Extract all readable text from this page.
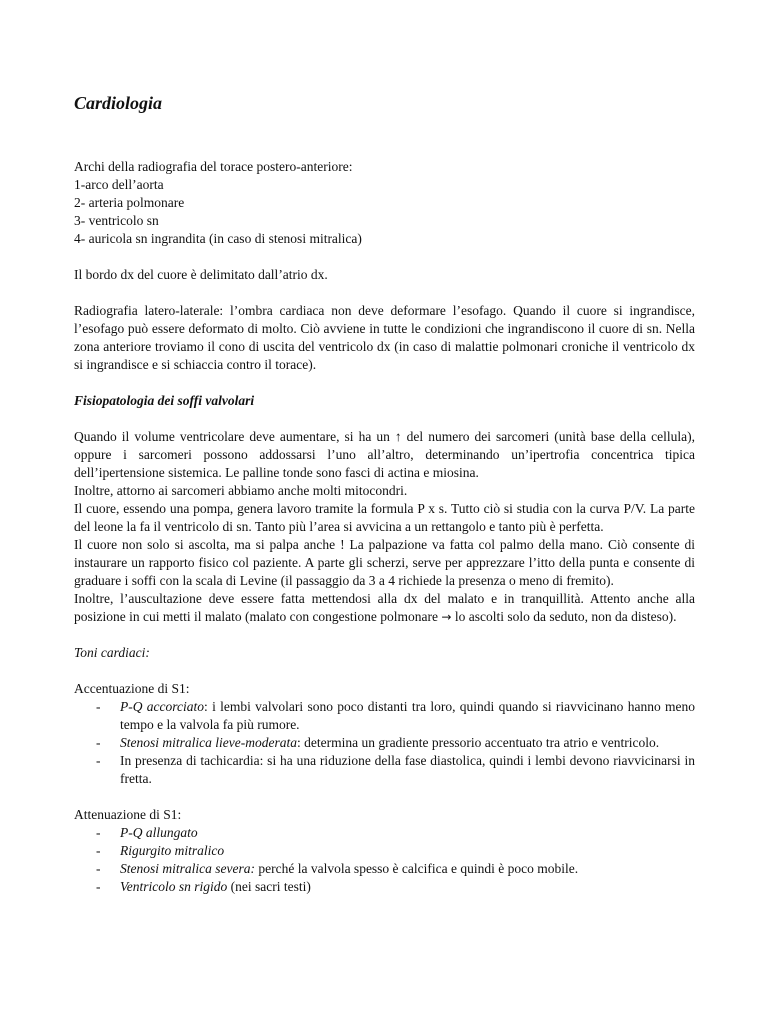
Cardiologia

Archi della radiografia del torace postero-anteriore:

1-arco dell’aorta

2- arteria polmonare

3- ventricolo sn

4- auricola sn ingrandita (in caso di stenosi mitralica)

Il bordo dx del cuore è delimitato dall’atrio dx.

Radiografia latero-laterale: l’ombra cardiaca non deve deformare l’esofago. Quando il cuore si ingrandisce, l’esofago può essere deformato di molto. Ciò avviene in tutte le condizioni che ingrandiscono il cuore di sn. Nella zona anteriore troviamo il cono di uscita del ventricolo dx (in caso di malattie polmonari croniche il ventricolo dx si ingrandisce e si schiaccia contro il torace).

Fisiopatologia dei soffi valvolari

Quando il volume ventricolare deve aumentare, si ha un ↑ del numero dei sarcomeri (unità base della cellula), oppure i sarcomeri possono addossarsi l’uno all’altro, determinando un’ipertrofia concentrica tipica dell’ipertensione sistemica. Le palline tonde sono fasci di actina e miosina.

Inoltre, attorno ai sarcomeri abbiamo anche molti mitocondri.

Il cuore, essendo una pompa, genera lavoro tramite la formula P x s. Tutto ciò si studia con la curva P/V. La parte del leone la fa il ventricolo di sn. Tanto più l’area si avvicina a un rettangolo e tanto più è perfetta.

Il cuore non solo si ascolta, ma si palpa anche ! La palpazione va fatta col palmo della mano. Ciò consente di instaurare un rapporto fisico col paziente. A parte gli scherzi, serve per apprezzare l’itto della punta e consente di graduare i soffi con la scala di Levine (il passaggio da 3 a 4 richiede la presenza o meno di fremito).

Inoltre, l’auscultazione deve essere fatta mettendosi alla dx del malato e in tranquillità. Attento anche alla posizione in cui metti il malato (malato con congestione polmonare → lo ascolti solo da seduto, non da disteso).

Toni cardiaci:

Accentuazione di S1:

- P-Q accorciato: i lembi valvolari sono poco distanti tra loro, quindi quando si riavvicinano hanno meno tempo e la valvola fa più rumore.
- Stenosi mitralica lieve-moderata: determina un gradiente pressorio accentuato tra atrio e ventricolo.
- In presenza di tachicardia: si ha una riduzione della fase diastolica, quindi i lembi devono riavvicinarsi in fretta.

Attenuazione di S1:

- P-Q allungato
- Rigurgito mitralico
- Stenosi mitralica severa: perché la valvola spesso è calcifica e quindi è poco mobile.
- Ventricolo sn rigido (nei sacri testi)
